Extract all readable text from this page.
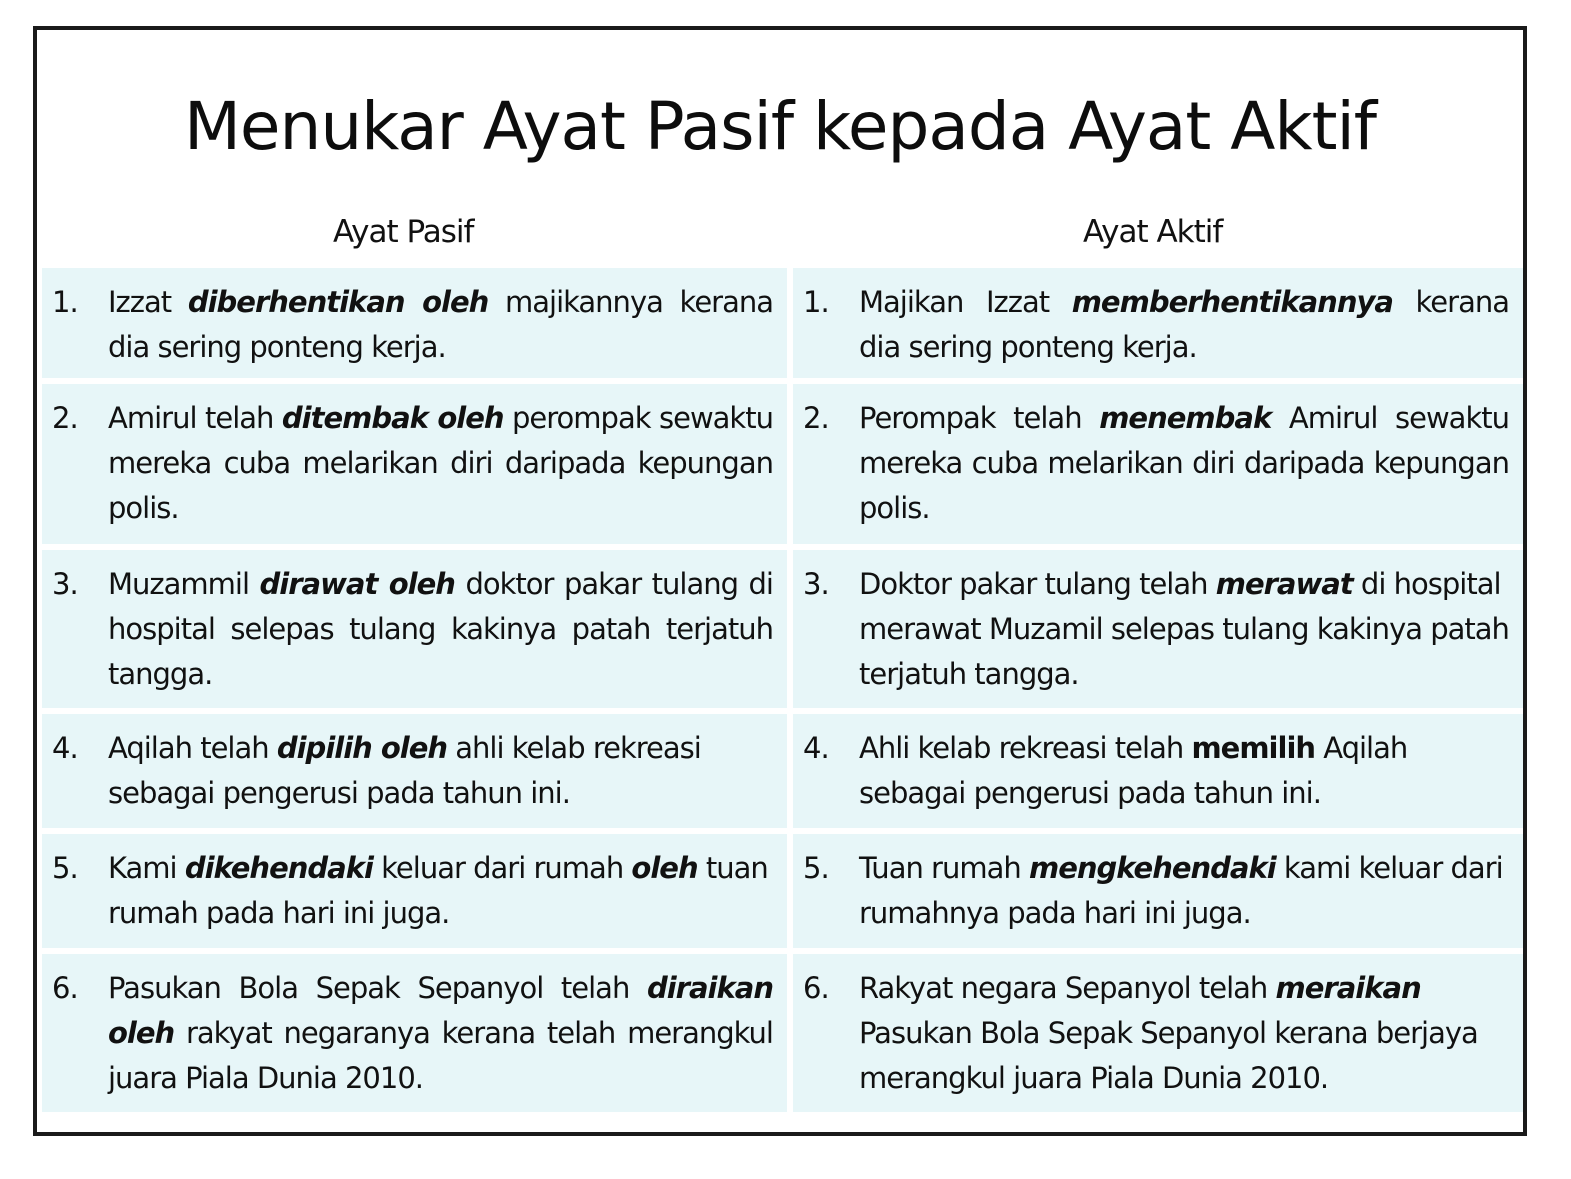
Menukar Ayat Pasif kepada Ayat Aktif
Ayat Pasif	Ayat Aktif
1. Izzat diberhentikan oleh majikannya kerana dia sering ponteng kerja.
2. Amirul telah ditembak oleh perompak sewaktu mereka cuba melarikan diri daripada kepungan polis.
3. Muzammil dirawat oleh doktor pakar tulang di hospital selepas tulang kakinya patah terjatuh tangga.
4. Aqilah telah dipilih oleh ahli kelab rekreasi sebagai pengerusi pada tahun ini.
5. Kami dikehendaki keluar dari rumah oleh tuan rumah pada hari ini juga.
6. Pasukan Bola Sepak Sepanyol telah diraikan oleh rakyat negaranya kerana telah merangkul juara Piala Dunia 2010.
1. Majikan Izzat memberhentikannya kerana dia sering ponteng kerja.
2. Perompak telah menembak Amirul sewaktu mereka cuba melarikan diri daripada kepungan polis.
3. Doktor pakar tulang telah merawat di hospital merawat Muzamil selepas tulang kakinya patah terjatuh tangga.
4. Ahli kelab rekreasi telah memilih Aqilah sebagai pengerusi pada tahun ini.
5. Tuan rumah mengkehendaki kami keluar dari rumahnya pada hari ini juga.
6. Rakyat negara Sepanyol telah meraikan Pasukan Bola Sepak Sepanyol kerana berjaya merangkul juara Piala Dunia 2010.
